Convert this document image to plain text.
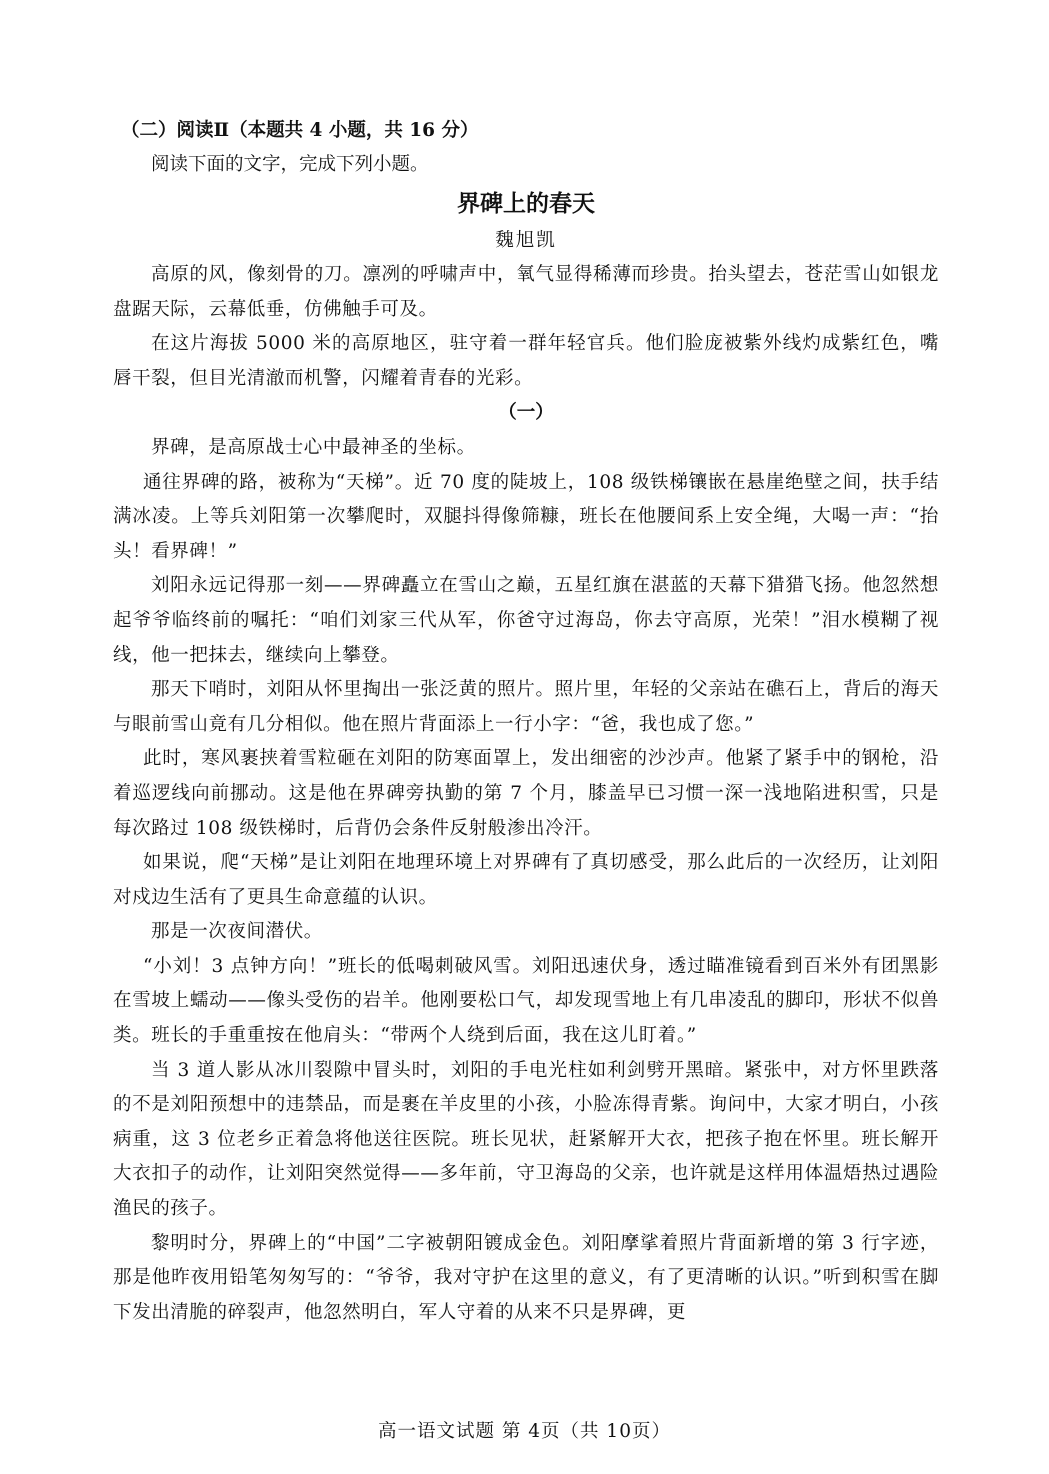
（二）阅读Ⅱ（本题共 4 小题，共 16 分）

阅读下面的文字，完成下列小题。

界碑上的春天

魏旭凯

高原的风，像刻骨的刀。凛冽的呼啸声中，氧气显得稀薄而珍贵。抬头望去，苍茫雪山如银龙盘踞天际，云幕低垂，仿佛触手可及。

在这片海拔 5000 米的高原地区，驻守着一群年轻官兵。他们脸庞被紫外线灼成紫红色，嘴唇干裂，但目光清澈而机警，闪耀着青春的光彩。

（一）

界碑，是高原战士心中最神圣的坐标。

通往界碑的路，被称为“天梯”。近 70 度的陡坡上，108 级铁梯镶嵌在悬崖绝壁之间，扶手结满冰凌。上等兵刘阳第一次攀爬时，双腿抖得像筛糠，班长在他腰间系上安全绳，大喝一声：“抬头！看界碑！”

刘阳永远记得那一刻——界碑矗立在雪山之巅，五星红旗在湛蓝的天幕下猎猎飞扬。他忽然想起爷爷临终前的嘱托：“咱们刘家三代从军，你爸守过海岛，你去守高原，光荣！”泪水模糊了视线，他一把抹去，继续向上攀登。

那天下哨时，刘阳从怀里掏出一张泛黄的照片。照片里，年轻的父亲站在礁石上，背后的海天与眼前雪山竟有几分相似。他在照片背面添上一行小字：“爸，我也成了您。”

此时，寒风裹挟着雪粒砸在刘阳的防寒面罩上，发出细密的沙沙声。他紧了紧手中的钢枪，沿着巡逻线向前挪动。这是他在界碑旁执勤的第 7 个月，膝盖早已习惯一深一浅地陷进积雪，只是每次路过 108 级铁梯时，后背仍会条件反射般渗出冷汗。

如果说，爬“天梯”是让刘阳在地理环境上对界碑有了真切感受，那么此后的一次经历，让刘阳对戍边生活有了更具生命意蕴的认识。

那是一次夜间潜伏。

“小刘！3 点钟方向！”班长的低喝刺破风雪。刘阳迅速伏身，透过瞄准镜看到百米外有团黑影在雪坡上蠕动——像头受伤的岩羊。他刚要松口气，却发现雪地上有几串凌乱的脚印，形状不似兽类。班长的手重重按在他肩头：“带两个人绕到后面，我在这儿盯着。”

当 3 道人影从冰川裂隙中冒头时，刘阳的手电光柱如利剑劈开黑暗。紧张中，对方怀里跌落的不是刘阳预想中的违禁品，而是裹在羊皮里的小孩，小脸冻得青紫。询问中，大家才明白，小孩病重，这 3 位老乡正着急将他送往医院。班长见状，赶紧解开大衣，把孩子抱在怀里。班长解开大衣扣子的动作，让刘阳突然觉得——多年前，守卫海岛的父亲，也许就是这样用体温焐热过遇险渔民的孩子。

黎明时分，界碑上的“中国”二字被朝阳镀成金色。刘阳摩挲着照片背面新增的第 3 行字迹，那是他昨夜用铅笔匆匆写的：“爷爷，我对守护在这里的意义，有了更清晰的认识。”听到积雪在脚下发出清脆的碎裂声，他忽然明白，军人守着的从来不只是界碑，更

高一语文试题 第 4页（共 10页）
